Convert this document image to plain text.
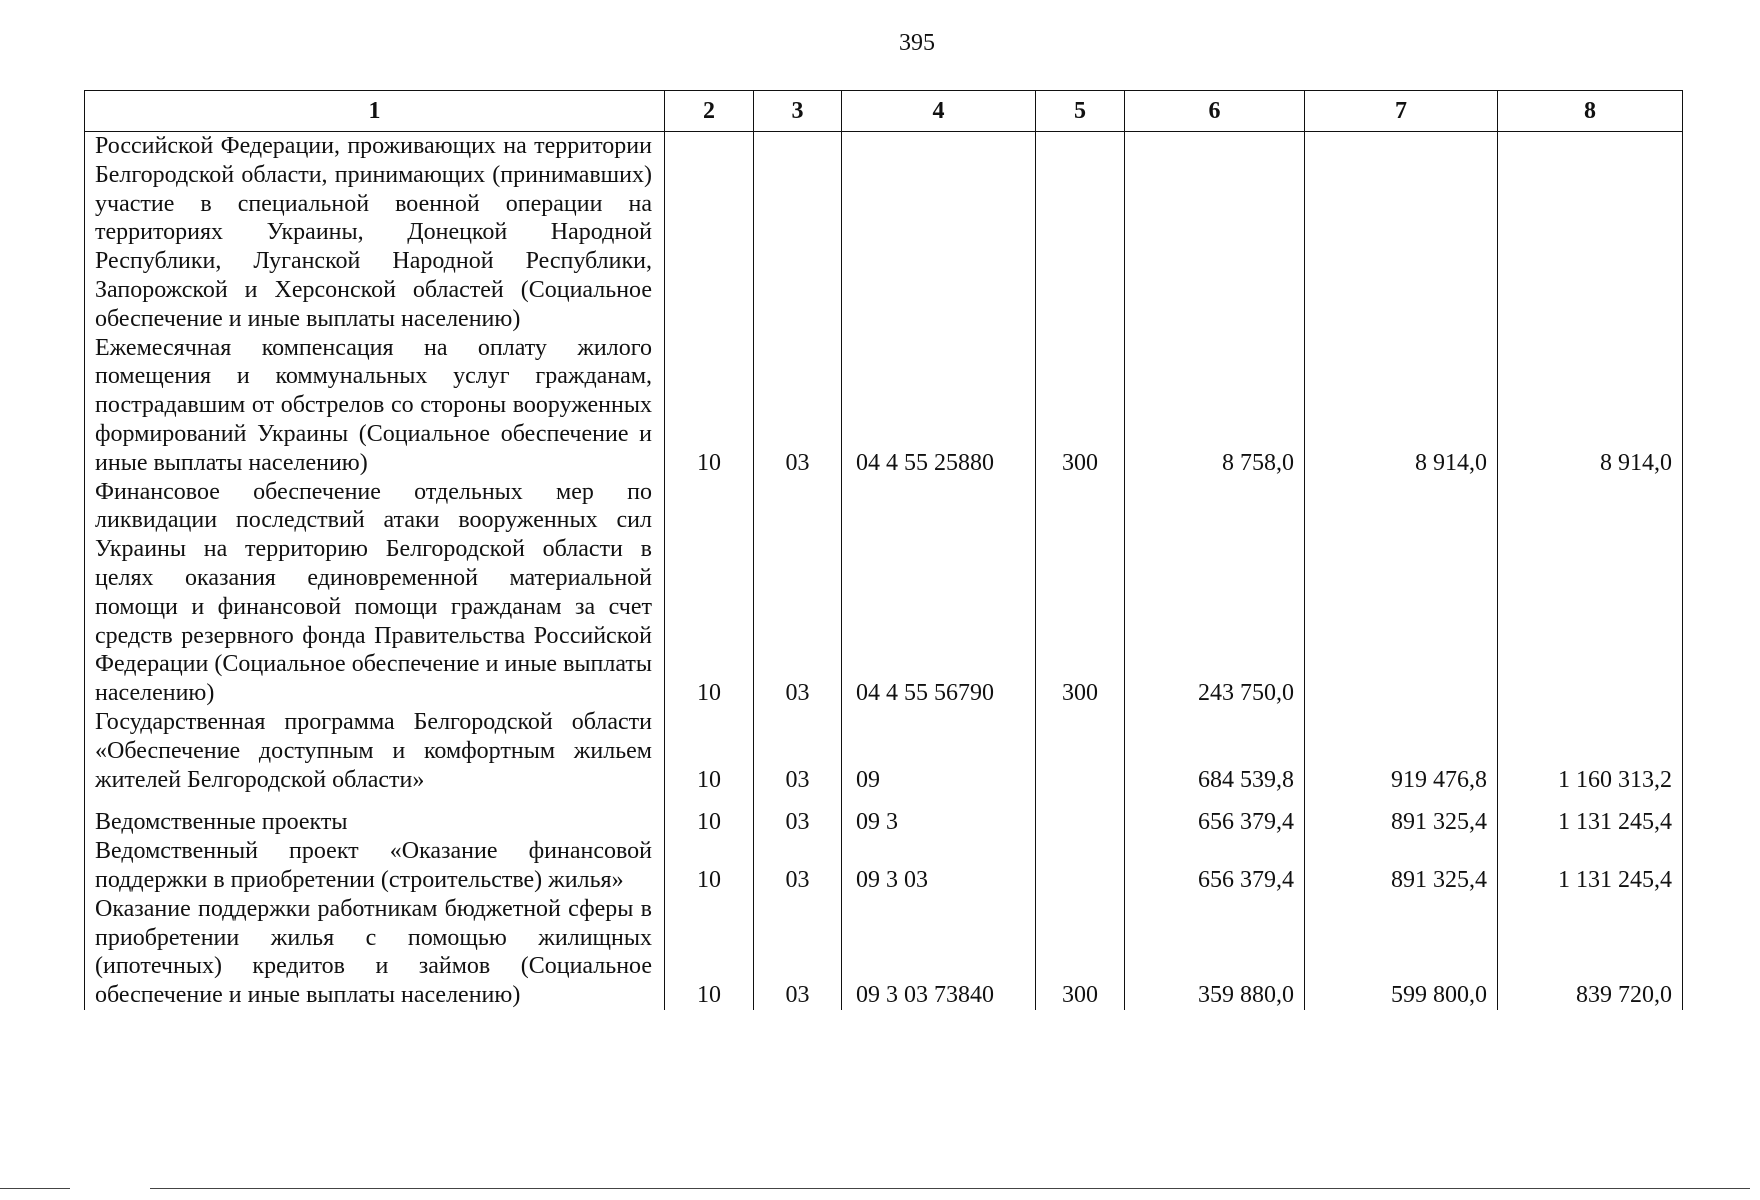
395
1	2	3	4	5	6	7	8
Российской Федерации, проживающих на территории Белгородской области, принимающих (принимавших) участие в специальной военной операции на территориях Украины, Донецкой Народной Республики, Луганской Народной Республики, Запорожской и Херсонской областей (Социальное обеспечение и иные выплаты населению)							
Ежемесячная компенсация на оплату жилого помещения и коммунальных услуг гражданам, пострадавшим от обстрелов со стороны вооруженных формирований Украины (Социальное обеспечение и иные выплаты населению)	10	03	04 4 55 25880	300	8 758,0	8 914,0	8 914,0
Финансовое обеспечение отдельных мер по ликвидации последствий атаки вооруженных сил Украины на территорию Белгородской области в целях оказания единовременной материальной помощи и финансовой помощи гражданам за счет средств резервного фонда Правительства Российской Федерации (Социальное обеспечение и иные выплаты населению)	10	03	04 4 55 56790	300	243 750,0		
Государственная программа Белгородской области «Обеспечение доступным и комфортным жильем жителей Белгородской области»	10	03	09		684 539,8	919 476,8	1 160 313,2

Ведомственные проекты	10	03	09 3		656 379,4	891 325,4	1 131 245,4
Ведомственный проект «Оказание финансовой поддержки в приобретении (строительстве) жилья»	10	03	09 3 03		656 379,4	891 325,4	1 131 245,4
Оказание поддержки работникам бюджетной сферы в приобретении жилья с помощью жилищных (ипотечных) кредитов и займов (Социальное обеспечение и иные выплаты населению)	10	03	09 3 03 73840	300	359 880,0	599 800,0	839 720,0
